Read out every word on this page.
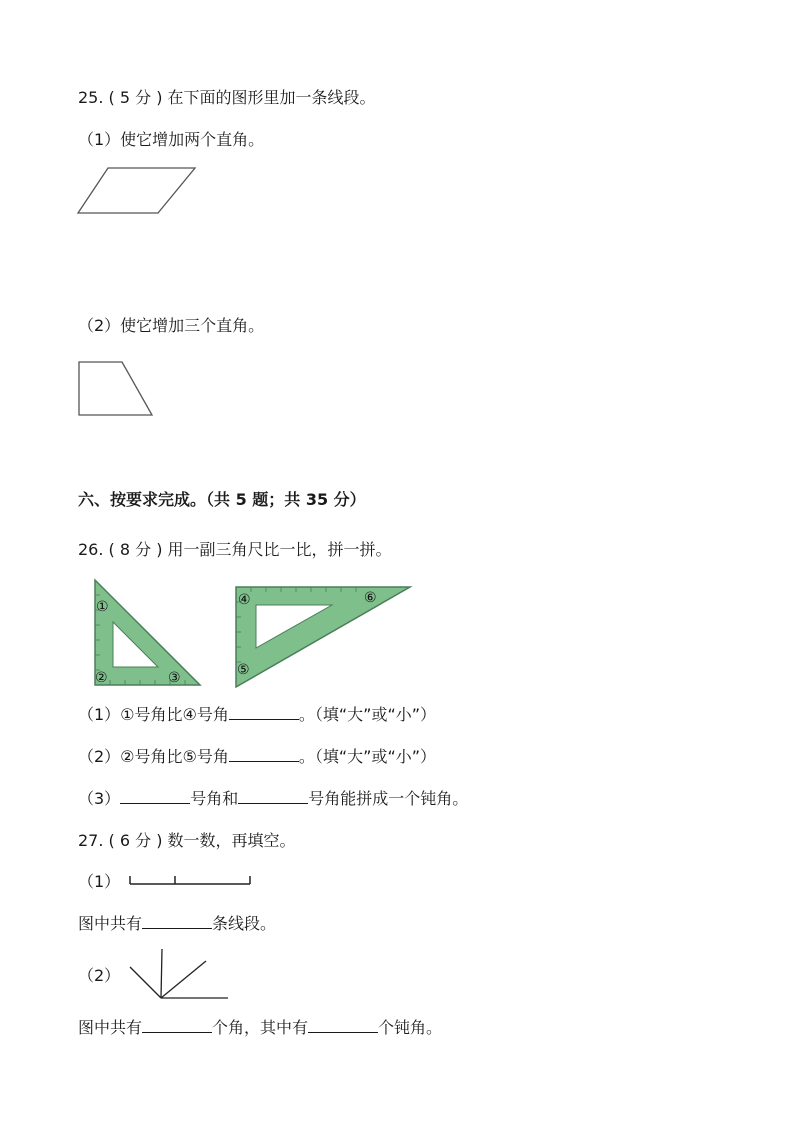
25. ( 5 分 ) 在下面的图形里加一条线段。
（1）使它增加两个直角。
（2）使它增加三个直角。
六、按要求完成。（共 5 题；共 35 分）
26. ( 8 分 ) 用一副三角尺比一比，拼一拼。
①
②	③
④
⑤
⑥
（1）①号角比④号角	。（填“大”或“小”）
（2）②号角比⑤号角	。（填“大”或“小”）
（3）	号角和	号角能拼成一个钝角。
27. ( 6 分 ) 数一数，再填空。
（1）
图中共有	条线段。
（2）
图中共有	个角，其中有	个钝角。
